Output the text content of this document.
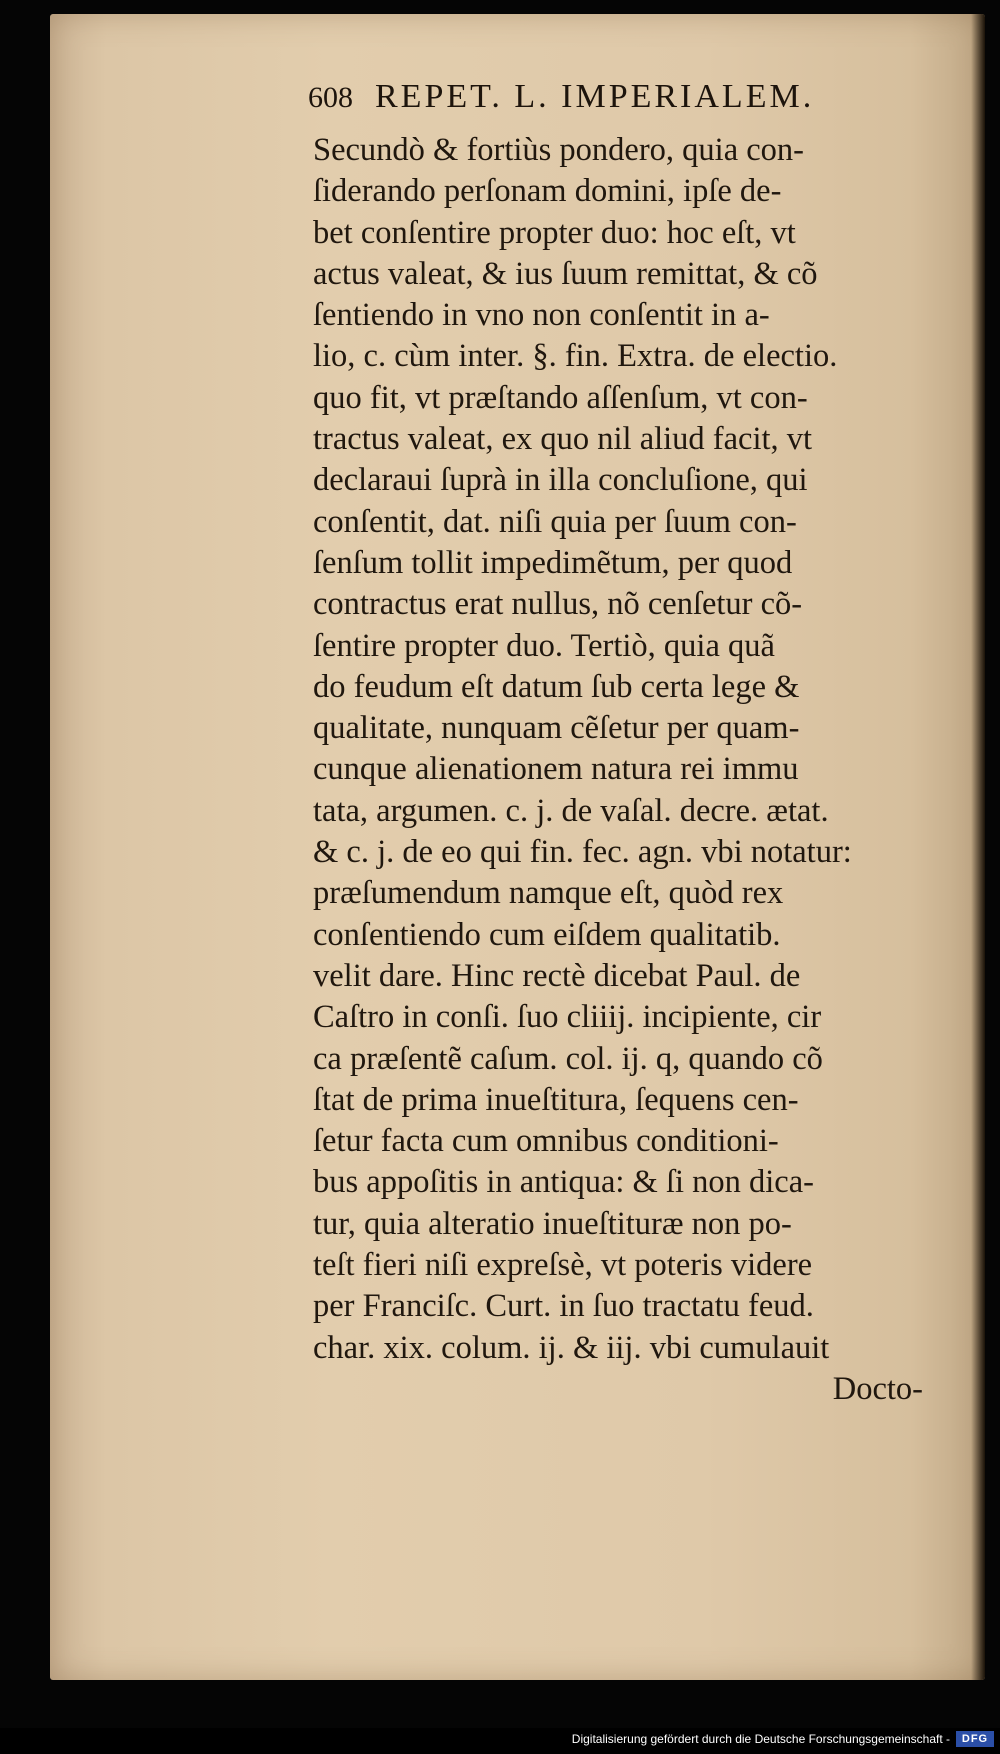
608 REPET. L. IMPERIALEM.
Secundò & fortiùs pondero, quia con-
ſiderando perſonam domini, ipſe de-
bet conſentire propter duo: hoc eſt, vt
actus valeat, & ius ſuum remittat, & cõ
ſentiendo in vno non conſentit in a-
lio, c. cùm inter. §. fin. Extra. de electio.
quo fit, vt præſtando aſſenſum, vt con-
tractus valeat, ex quo nil aliud facit, vt
declaraui ſuprà in illa concluſione, qui
conſentit, dat. niſi quia per ſuum con-
ſenſum tollit impedimẽtum, per quod
contractus erat nullus, nõ cenſetur cõ-
ſentire propter duo. Tertiò, quia quã
do feudum eſt datum ſub certa lege &
qualitate, nunquam cẽſetur per quam-
cunque alienationem natura rei immu
tata, argumen. c. j. de vaſal. decre. ætat.
& c. j. de eo qui fin. fec. agn. vbi notatur:
præſumendum namque eſt, quòd rex
conſentiendo cum eiſdem qualitatib.
velit dare. Hinc rectè dicebat Paul. de
Caſtro in conſi. ſuo cliiij. incipiente, cir
ca præſentẽ caſum. col. ij. q, quando cõ
ſtat de prima inueſtitura, ſequens cen-
ſetur facta cum omnibus conditioni-
bus appoſitis in antiqua: & ſi non dica-
tur, quia alteratio inueſtituræ non po-
teſt fieri niſi expreſsè, vt poteris videre
per Franciſc. Curt. in ſuo tractatu feud.
char. xix. colum. ij. & iij. vbi cumulauit
Docto-
Digitalisierung gefördert durch die Deutsche Forschungsgemeinschaft -	DFG
